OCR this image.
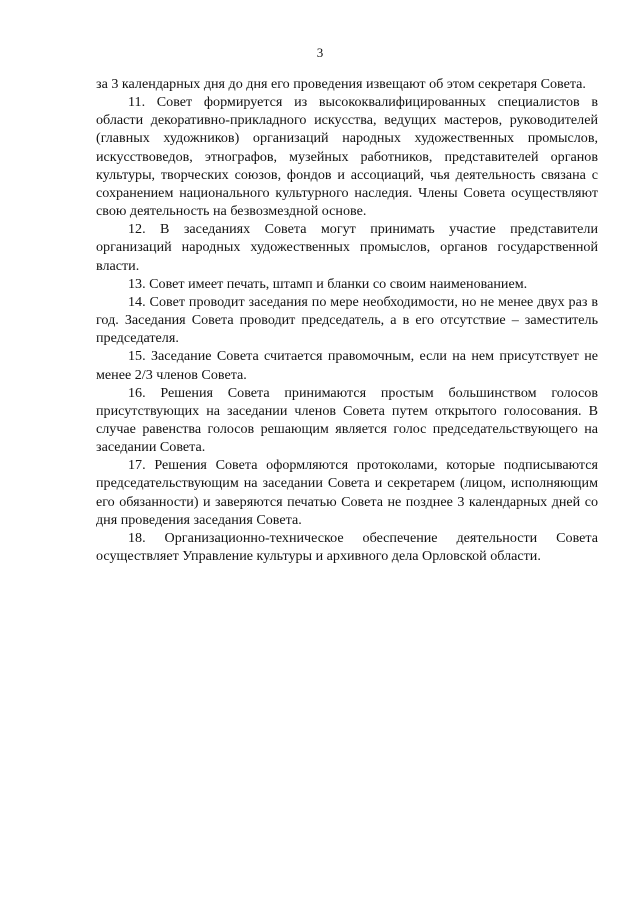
3

за 3 календарных дня до дня его проведения извещают об этом секретаря Совета.

11. Совет формируется из высококвалифицированных специалистов в области декоративно-прикладного искусства, ведущих мастеров, руководителей (главных художников) организаций народных художественных промыслов, искусствоведов, этнографов, музейных работников, представителей органов культуры, творческих союзов, фондов и ассоциаций, чья деятельность связана с сохранением национального культурного наследия. Члены Совета осуществляют свою деятельность на безвозмездной основе.

12. В заседаниях Совета могут принимать участие представители организаций народных художественных промыслов, органов государственной власти.

13. Совет имеет печать, штамп и бланки со своим наименованием.

14. Совет проводит заседания по мере необходимости, но не менее двух раз в год. Заседания Совета проводит председатель, а в его отсутствие – заместитель председателя.

15. Заседание Совета считается правомочным, если на нем присутствует не менее 2/3 членов Совета.

16. Решения Совета принимаются простым большинством голосов присутствующих на заседании членов Совета путем открытого голосования. В случае равенства голосов решающим является голос председательствующего на заседании Совета.

17. Решения Совета оформляются протоколами, которые подписываются председательствующим на заседании Совета и секретарем (лицом, исполняющим его обязанности) и заверяются печатью Совета не позднее 3 календарных дней со дня проведения заседания Совета.

18. Организационно-техническое обеспечение деятельности Совета осуществляет Управление культуры и архивного дела Орловской области.
